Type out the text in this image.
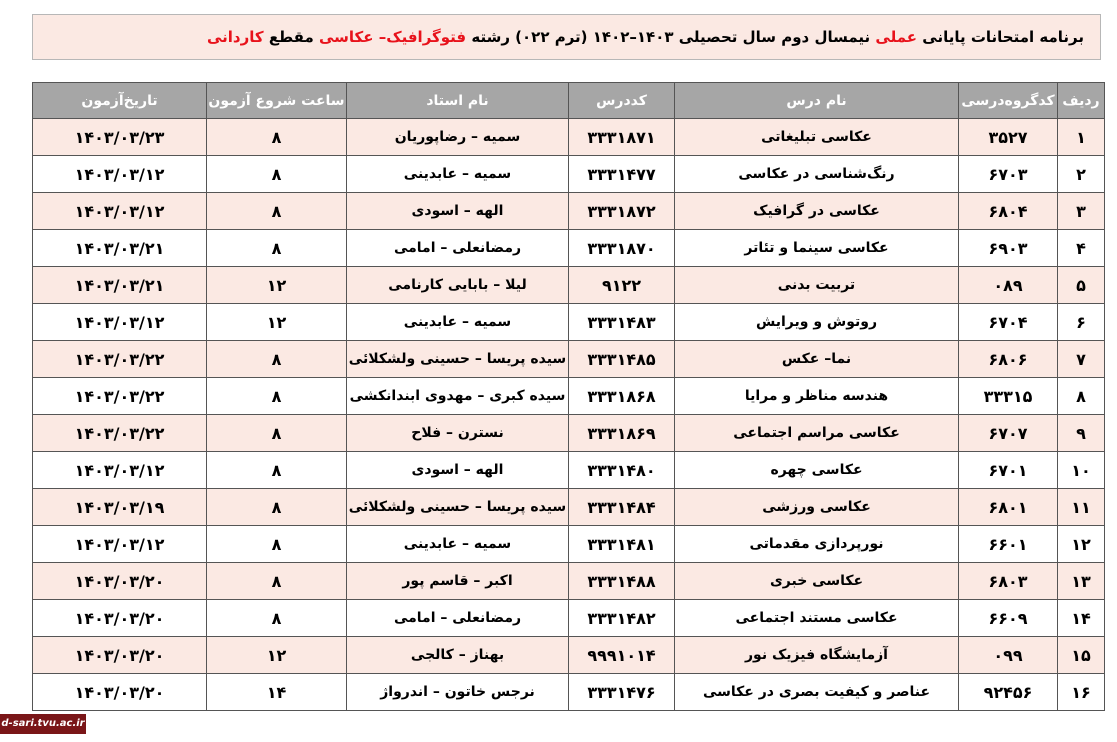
برنامه امتحانات پایانی عملی نیمسال دوم سال تحصیلی ۱۴۰۳–۱۴۰۲ (ترم ۰۲۲) رشته فتوگرافیک– عکاسی مقطع کاردانی
ردیف	کدگروه‌درسی	نام درس	کددرس	نام استاد	ساعت شروع آزمون	تاریخ‌آزمون
۱	۳۵۲۷	عکاسی تبلیغاتی	۳۳۳۱۸۷۱	سمیه – رضاپوریان	۸	۱۴۰۳/۰۳/۲۳
۲	۶۷۰۳	رنگ‌شناسی در عکاسی	۳۳۳۱۴۷۷	سمیه – عابدینی	۸	۱۴۰۳/۰۳/۱۲
۳	۶۸۰۴	عکاسی در گرافیک	۳۳۳۱۸۷۲	الهه – اسودی	۸	۱۴۰۳/۰۳/۱۲
۴	۶۹۰۳	عکاسی سینما و تئاتر	۳۳۳۱۸۷۰	رمضانعلی – امامی	۸	۱۴۰۳/۰۳/۲۱
۵	۰۸۹	تربیت بدنی	۹۱۲۲	لیلا – بابایی کارنامی	۱۲	۱۴۰۳/۰۳/۲۱
۶	۶۷۰۴	روتوش و ویرایش	۳۳۳۱۴۸۳	سمیه – عابدینی	۱۲	۱۴۰۳/۰۳/۱۲
۷	۶۸۰۶	نما– عکس	۳۳۳۱۴۸۵	سیده پریسا – حسینی ولشکلائی	۸	۱۴۰۳/۰۳/۲۲
۸	۳۳۳۱۵	هندسه مناظر و مرایا	۳۳۳۱۸۶۸	سیده کبری – مهدوی ابندانکشی	۸	۱۴۰۳/۰۳/۲۲
۹	۶۷۰۷	عکاسی مراسم اجتماعی	۳۳۳۱۸۶۹	نسترن – فلاح	۸	۱۴۰۳/۰۳/۲۲
۱۰	۶۷۰۱	عکاسی چهره	۳۳۳۱۴۸۰	الهه – اسودی	۸	۱۴۰۳/۰۳/۱۲
۱۱	۶۸۰۱	عکاسی ورزشی	۳۳۳۱۴۸۴	سیده پریسا – حسینی ولشکلائی	۸	۱۴۰۳/۰۳/۱۹
۱۲	۶۶۰۱	نورپردازی مقدماتی	۳۳۳۱۴۸۱	سمیه – عابدینی	۸	۱۴۰۳/۰۳/۱۲
۱۳	۶۸۰۳	عکاسی خبری	۳۳۳۱۴۸۸	اکبر – قاسم پور	۸	۱۴۰۳/۰۳/۲۰
۱۴	۶۶۰۹	عکاسی مستند اجتماعی	۳۳۳۱۴۸۲	رمضانعلی – امامی	۸	۱۴۰۳/۰۳/۲۰
۱۵	۰۹۹	آزمایشگاه فیزیک نور	۹۹۹۱۰۱۴	بهناز – کالجی	۱۲	۱۴۰۳/۰۳/۲۰
۱۶	۹۲۴۵۶	عناصر و کیفیت بصری در عکاسی	۳۳۳۱۴۷۶	نرجس خاتون – اندرواژ	۱۴	۱۴۰۳/۰۳/۲۰
d-sari.tvu.ac.ir
